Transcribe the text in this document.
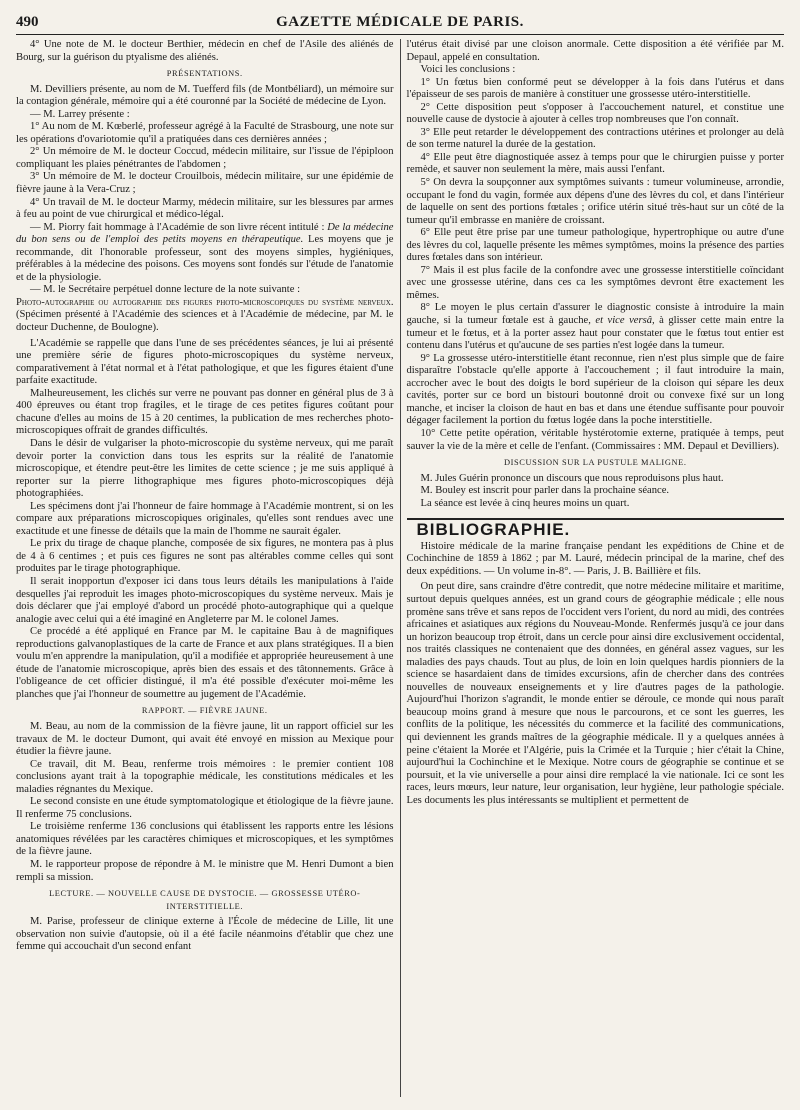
490	GAZETTE MÉDICALE DE PARIS.

4° Une note de M. le docteur Berthier, médecin en chef de l'Asile des aliénés de Bourg, sur la guérison du ptyalisme des aliénés.

PRÉSENTATIONS.

M. Devilliers présente, au nom de M. Tuefferd fils (de Montbéliard), un mémoire sur la contagion générale, mémoire qui a été couronné par la Société de médecine de Lyon.

— M. Larrey présente :

1° Au nom de M. Kœberlé, professeur agrégé à la Faculté de Strasbourg, une note sur les opérations d'ovariotomie qu'il a pratiquées dans ces dernières années ;

2° Un mémoire de M. le docteur Coccud, médecin militaire, sur l'issue de l'épiploon compliquant les plaies pénétrantes de l'abdomen ;

3° Un mémoire de M. le docteur Crouilbois, médecin militaire, sur une épidémie de fièvre jaune à la Vera-Cruz ;

4° Un travail de M. le docteur Marmy, médecin militaire, sur les blessures par armes à feu au point de vue chirurgical et médico-légal.

— M. Piorry fait hommage à l'Académie de son livre récent intitulé : De la médecine du bon sens ou de l'emploi des petits moyens en thérapeutique. Les moyens que je recommande, dit l'honorable professeur, sont des moyens simples, hygiéniques, préférables à la médecine des poisons. Ces moyens sont fondés sur l'étude de l'anatomie et de la physiologie.

— M. le Secrétaire perpétuel donne lecture de la note suivante :

Photo-autographie ou autographie des figures photo-microscopiques du système nerveux.(Spécimen présenté à l'Académie des sciences et à l'Académie de médecine, par M. le docteur Duchenne, de Boulogne).

L'Académie se rappelle que dans l'une de ses précédentes séances, je lui ai présenté une première série de figures photo-microscopiques du système nerveux, comparativement à l'état normal et à l'état pathologique, et que les figures étaient d'une parfaite exactitude.

Malheureusement, les clichés sur verre ne pouvant pas donner en général plus de 3 à 400 épreuves ou étant trop fragiles, et le tirage de ces petites figures coûtant pour chacune d'elles au moins de 15 à 20 centimes, la publication de mes recherches photo-microscopiques offrait de grandes difficultés.

Dans le désir de vulgariser la photo-microscopie du système nerveux, qui me paraît devoir porter la conviction dans tous les esprits sur la réalité de l'anatomie microscopique, et étendre peut-être les limites de cette science ; je me suis appliqué à reporter sur la pierre lithographique mes figures photo-microscopiques déjà photographiées.

Les spécimens dont j'ai l'honneur de faire hommage à l'Académie montrent, si on les compare aux préparations microscopiques originales, qu'elles sont rendues avec une exactitude et une finesse de détails que la main de l'homme ne saurait égaler.

Le prix du tirage de chaque planche, composée de six figures, ne montera pas à plus de 4 à 6 centimes ; et puis ces figures ne sont pas altérables comme celles qui sont produites par le tirage photographique.

Il serait inopportun d'exposer ici dans tous leurs détails les manipulations à l'aide desquelles j'ai reproduit les images photo-microscopiques du système nerveux. Mais je dois déclarer que j'ai employé d'abord un procédé photo-autographique qui a quelque analogie avec celui qui a été imaginé en Angleterre par M. le colonel James.

Ce procédé a été appliqué en France par M. le capitaine Bau à de magnifiques reproductions galvanoplastiques de la carte de France et aux plans stratégiques. Il a bien voulu m'en apprendre la manipulation, qu'il a modifiée et appropriée heureusement à une étude de l'anatomie microscopique, après bien des essais et des tâtonnements. Grâce à l'obligeance de cet officier distingué, il m'a été possible d'exécuter moi-même les planches que j'ai l'honneur de soumettre au jugement de l'Académie.

RAPPORT. — FIÈVRE JAUNE.

M. Beau, au nom de la commission de la fièvre jaune, lit un rapport officiel sur les travaux de M. le docteur Dumont, qui avait été envoyé en mission au Mexique pour étudier la fièvre jaune.

Ce travail, dit M. Beau, renferme trois mémoires : le premier contient 108 conclusions ayant trait à la topographie médicale, les constitutions médicales et les maladies régnantes du Mexique.

Le second consiste en une étude symptomatologique et étiologique de la fièvre jaune. Il renferme 75 conclusions.

Le troisième renferme 136 conclusions qui établissent les rapports entre les lésions anatomiques révélées par les caractères chimiques et microscopiques, et les symptômes de la fièvre jaune.

M. le rapporteur propose de répondre à M. le ministre que M. Henri Dumont a bien rempli sa mission.

LECTURE. — NOUVELLE CAUSE DE DYSTOCIE. — GROSSESSE UTÉRO-INTERSTITIELLE.

M. Parise, professeur de clinique externe à l'École de médecine de Lille, lit une observation non suivie d'autopsie, où il a été facile néanmoins d'établir que chez une femme qui accouchait d'un second enfant

l'utérus était divisé par une cloison anormale. Cette disposition a été vérifiée par M. Depaul, appelé en consultation.

Voici les conclusions :

1° Un fœtus bien conformé peut se développer à la fois dans l'utérus et dans l'épaisseur de ses parois de manière à constituer une grossesse utéro-interstitielle.

2° Cette disposition peut s'opposer à l'accouchement naturel, et constitue une nouvelle cause de dystocie à ajouter à celles trop nombreuses que l'on connaît.

3° Elle peut retarder le développement des contractions utérines et prolonger au delà de son terme naturel la durée de la gestation.

4° Elle peut être diagnostiquée assez à temps pour que le chirurgien puisse y porter remède, et sauver non seulement la mère, mais aussi l'enfant.

5° On devra la soupçonner aux symptômes suivants : tumeur volumineuse, arrondie, occupant le fond du vagin, formée aux dépens d'une des lèvres du col, et dans l'intérieur de laquelle on sent des portions fœtales ; orifice utérin situé très-haut sur un côté de la tumeur qu'il embrasse en manière de croissant.

6° Elle peut être prise par une tumeur pathologique, hypertrophique ou autre d'une des lèvres du col, laquelle présente les mêmes symptômes, moins la présence des parties dures fœtales dans son intérieur.

7° Mais il est plus facile de la confondre avec une grossesse interstitielle coïncidant avec une grossesse utérine, dans ces ca les symptômes devront être exactement les mêmes.

8° Le moyen le plus certain d'assurer le diagnostic consiste à introduire la main gauche, si la tumeur fœtale est à gauche, et vice versâ, à glisser cette main entre la tumeur et le fœtus, et à la porter assez haut pour constater que le fœtus tout entier est contenu dans l'utérus et qu'aucune de ses parties n'est logée dans la tumeur.

9° La grossesse utéro-interstitielle étant reconnue, rien n'est plus simple que de faire disparaître l'obstacle qu'elle apporte à l'accouchement ; il faut introduire la main, accrocher avec le bout des doigts le bord supérieur de la cloison qui sépare les deux cavités, porter sur ce bord un bistouri boutonné droit ou convexe fixé sur un long manche, et inciser la cloison de haut en bas et dans une étendue suffisante pour pouvoir dégager facilement la portion du fœtus logée dans la poche interstitielle.

10° Cette petite opération, véritable hystérotomie externe, pratiquée à temps, peut sauver la vie de la mère et celle de l'enfant. (Commissaires : MM. Depaul et Devilliers).

DISCUSSION SUR LA PUSTULE MALIGNE.

M. Jules Guérin prononce un discours que nous reproduisons plus haut.

M. Bouley est inscrit pour parler dans la prochaine séance.

La séance est levée à cinq heures moins un quart.

BIBLIOGRAPHIE.

Histoire médicale de la marine française pendant les expéditions de Chine et de Cochinchine de 1859 à 1862 ; par M. Lauré, médecin principal de la marine, chef des deux expéditions. — Un volume in-8°. — Paris, J. B. Baillière et fils.

On peut dire, sans craindre d'être contredit, que notre médecine militaire et maritime, surtout depuis quelques années, est un grand cours de géographie médicale ; elle nous promène sans trêve et sans repos de l'occident vers l'orient, du nord au midi, des contrées africaines et asiatiques aux régions du Nouveau-Monde. Renfermés jusqu'à ce jour dans un horizon beaucoup trop étroit, dans un cercle pour ainsi dire exclusivement occidental, nos traités classiques ne contenaient que des données, en général assez vagues, sur les maladies des pays chauds. Tout au plus, de loin en loin quelques hardis pionniers de la science se hasardaient dans de timides excursions, afin de chercher dans des contrées nouvelles de nouveaux enseignements et y lire d'autres pages de la pathologie. Aujourd'hui l'horizon s'agrandit, le monde entier se déroule, ce monde qui nous paraît beaucoup moins grand à mesure que nous le parcourons, et ce sont les guerres, les conflits de la politique, les nécessités du commerce et la facilité des communications, qui deviennent les grands maîtres de la géographie médicale. Il y a quelques années à peine c'étaient la Morée et l'Algérie, puis la Crimée et la Turquie ; hier c'était la Chine, aujourd'hui la Cochinchine et le Mexique. Notre cours de géographie se continue et se poursuit, et la vie universelle a pour ainsi dire remplacé la vie nationale. Ici ce sont les races, leurs mœurs, leur nature, leur organisation, leur hygiène, leur pathologie spéciale. Les documents les plus intéressants se multiplient et permettent de
